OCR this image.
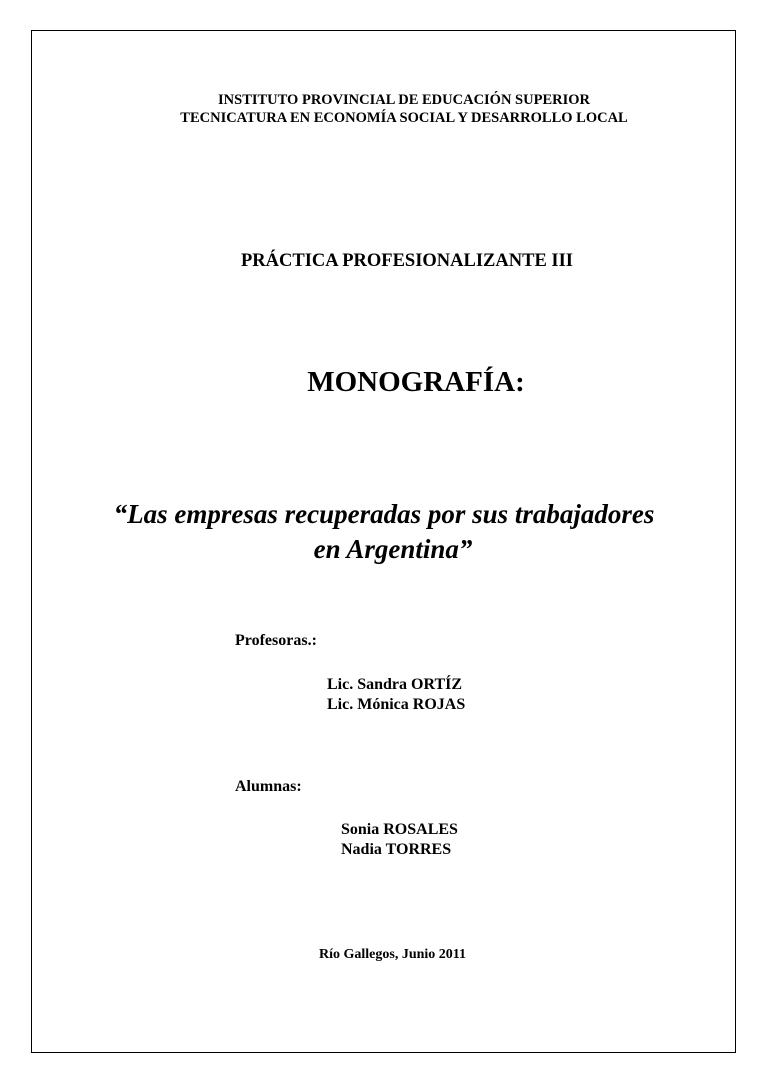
INSTITUTO PROVINCIAL DE EDUCACIÓN SUPERIOR
TECNICATURA EN ECONOMÍA SOCIAL Y DESARROLLO LOCAL
PRÁCTICA PROFESIONALIZANTE III
MONOGRAFÍA:
“Las empresas recuperadas por sus trabajadores
en Argentina”
Profesoras.:
Lic. Sandra ORTÍZ
Lic. Mónica ROJAS
Alumnas:
Sonia ROSALES
Nadia TORRES
Río Gallegos, Junio 2011
